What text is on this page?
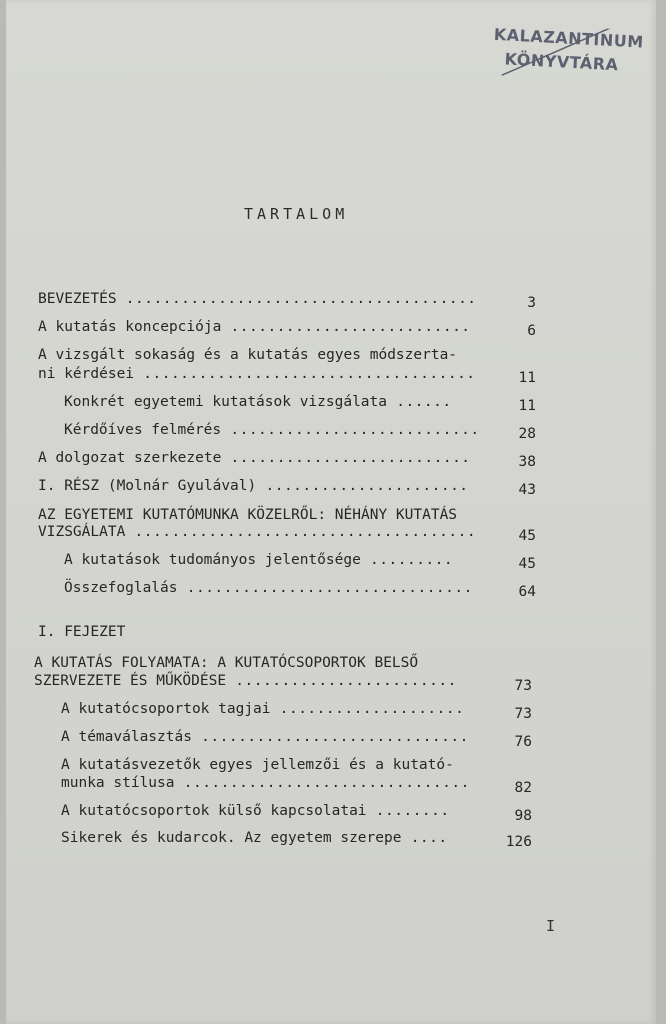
KALAZANTINUM
KÖNYVTÁRA
TARTALOM
BEVEZETÉS ......................................	3
A kutatás koncepciója ..........................	6
A vizsgált sokaság és a kutatás egyes módszerta-
ni kérdései ....................................	11
Konkrét egyetemi kutatások vizsgálata ......	11
Kérdőíves felmérés ...........................	28
A dolgozat szerkezete ..........................	38
I. RÉSZ (Molnár Gyulával) ......................	43
AZ EGYETEMI KUTATÓMUNKA KÖZELRŐL: NÉHÁNY KUTATÁS
VIZSGÁLATA .....................................	45
A kutatások tudományos jelentősége .........	45
Összefoglalás ...............................	64
I. FEJEZET
A KUTATÁS FOLYAMATA: A KUTATÓCSOPORTOK BELSŐ
SZERVEZETE ÉS MŰKÖDÉSE ........................	73
A kutatócsoportok tagjai ....................	73
A témaválasztás .............................	76
A kutatásvezetők egyes jellemzői és a kutató-
munka stílusa ...............................	82
A kutatócsoportok külső kapcsolatai ........	98
Sikerek és kudarcok. Az egyetem szerepe ....	126
I
